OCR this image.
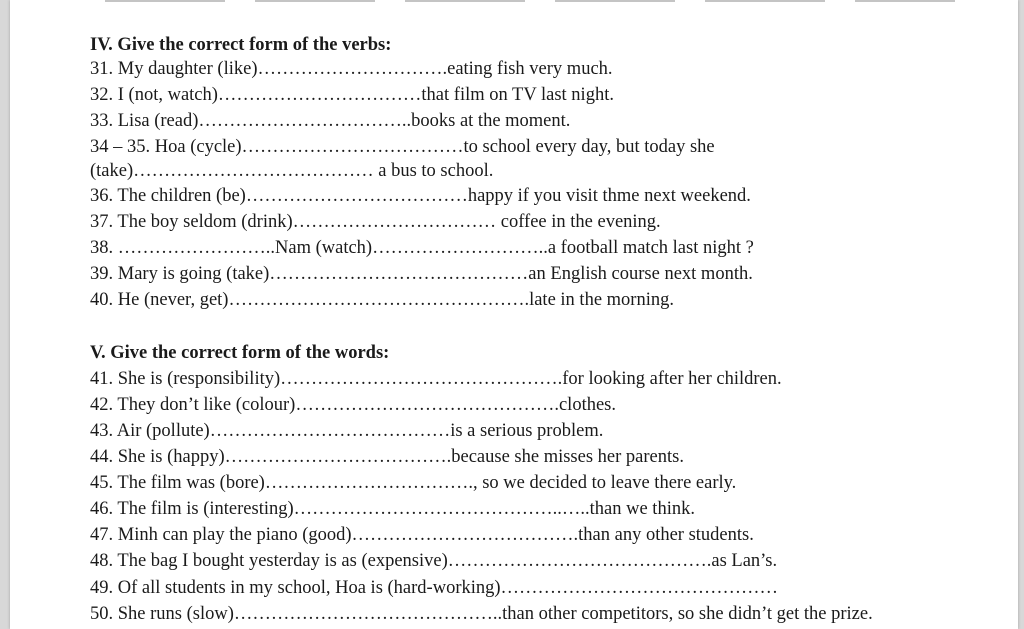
IV. Give the correct form of the verbs:
31. My daughter (like)………………………….eating fish very much.
32. I (not, watch)……………………………that film on TV last night.
33. Lisa (read)……………………………..books at the moment.
34 – 35. Hoa (cycle)………………………………to school every day, but today she
(take)………………………………… a bus to school.
36. The children (be)………………………………happy if you visit thme next weekend.
37. The boy seldom (drink)…………………………… coffee in the evening.
38. ……………………..Nam (watch)………………………..a football match last night ?
39. Mary is going (take)……………………………………an English course next month.
40. He (never, get)………………………………………….late in the morning.
V. Give the correct form of the words:
41. She is (responsibility)……………………………………….for looking after her children.
42. They don’t like (colour)…………………………………….clothes.
43. Air (pollute)…………………………………is a serious problem.
44. She is (happy)……………………………….because she misses her parents.
45. The film was (bore)……………………………., so we decided to leave there early.
46. The film is (interesting)……………………………………..…..than we think.
47. Minh can play the piano (good)……………………………….than any other students.
48. The bag I bought yesterday is as (expensive)…………………………………….as Lan’s.
49. Of all students in my school, Hoa is (hard-working)………………………………………
50. She runs (slow)……………………………………..than other competitors, so she didn’t get the prize.
